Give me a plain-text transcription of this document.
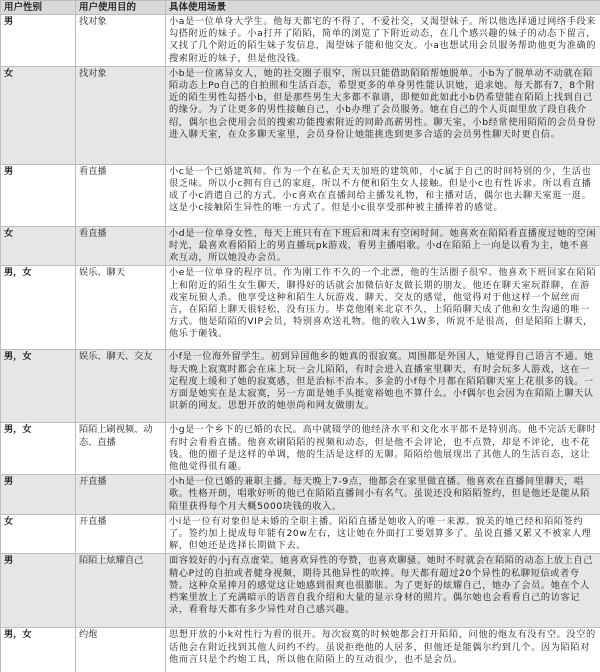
用户性别	用户使用目的	具体使用场景
男	找对象	小a是一位单身大学生。他每天都宅的不得了，不爱社交，又渴望妹子。所以他选择通过网络手段来勾搭附近的妹子。小a打开了陌陌，简单的浏览了下附近动态，在几个感兴趣的妹子的动态下留言，又找了几个附近的陌生妹子发信息，渴望妹子能和他交友。小a也想试用会员服务帮助他更为准确的搜索附近的妹子，但是他没钱。
女	找对象	小b是一位离异女人，她的社交圈子很窄，所以只能借助陌陌帮她脱单。小b为了脱单动不动就在陌陌动态上Po自己的自拍照和生活百态，希望更多的单身男性能认识她，追求她。每天都有7，8个附近的陌生男性勾搭小b，但是那些男生大多都不靠谱，即便如此如此小b仍希望能在陌陌上找到自己的缘分。为了让更多的男性接触自己，小b办理了会员服务。她在自己的个人页面里放了段自我介绍，偶尔也会使用会员的搜索功能搜索附近的同龄高薪男性。聊天室，小b经常使用陌陌的会员身份进入聊天室，在众多聊天室里，会员身份让她能挑选到更多合适的会员男性聊天时更自信。
男	看直播	小c是一个已婚建筑师。作为一个在私企天天加班的建筑师，小c属于自己的时间特别的少，生活也很乏味。所以小c拥有自己的家庭，所以不方便和陌生女人接触。但是小c也有性诉求。所以看直播成了小c消遣自己的方式。小c喜欢在直播间给主播发礼物，和主播对话，偶尔也去聊天室逛一逛。这是小c接触陌生异性的唯一方式了。但是小c很享受那种被主播捧着的感觉。
女	看直播	小d是一位单身女性，每天上班只有在下班后和周末有空闲时间。她喜欢在陌陌看直播度过她的空闲时光，最喜欢看陌陌上的男直播玩pk游戏，看男主播唱歌。小d在陌陌上一向是以看为主，她不喜欢互动，所以她没办会员。
男，女	娱乐、聊天	小e是一位单身的程序员。作为刚工作不久的一个北漂，他的生活圈子很窄。他喜欢下班回家在陌陌上和附近的陌生女生聊天，聊得好的话就会加微信好友做长期的朋友。他还在聊天室玩群聊，在游戏室玩狼人杀。他享受这种和陌生人玩游戏、聊天、交友的感觉，他觉得对于他这样一个屌丝而言，在陌陌上聊天很轻松，没有压力。毕竟他刚来北京不久，上陌陌聊天成了他和女生沟通的唯一方式。他是陌陌的VIP会员，特别喜欢送礼物。他的收入1W多，所说不是很高，但是陌陌上聊天，他乐于砸钱。
男，女	娱乐、聊天、交友	小f是一位海外留学生。初到异国他乡的她真的很寂寞。周围都是外国人，她觉得自己语言不通。她每天晚上寂寞时都会在床上玩一会儿陌陌，有时会进入直播室里聊天，有时会玩多人游戏，这在一定程度上缓和了她的寂寞感，但是治标不治本。多金的小f每个月都在陌陌聊天室上花很多的钱。一方面是她实在是太寂寞，另一方面是她手头挺宽裕她也不算什么。小f偶尔也会因为在陌陌上聊天认识新的网友。思想开放的她崇尚和网友做朋友。
男，女	陌陌上刷视频、动态、直播	小g是一个乡下的已婚的农民。高中就辍学的他经济水平和文化水平都不是特别高。他不完活无聊时有时会看看直播。他喜欢刷陌陌的视频和动态，但是他不会评论，也不点赞，却是不评论，也不花钱。他的圈子是这样的单调，他的生活是这样的无聊。陌陌给他展现出了其他人的生活百态，这让他他觉得很有趣。
男	开直播	小h是一位已婚的兼职主播。每天晚上7-9点，他都会在家里做直播。他喜欢在直播间里聊天，唱歌。性格开朗，唱歌好听的他已在陌陌直播间小有名气。虽说还没和陌陌签约，但是他还是能从陌陌里获得每个月大概5000块钱的收入。
女	开直播	小i是一位有对象但是未婚的全职主播。陌陌直播是她收入的唯一来源。貌美的她已经和陌陌签约了。签约加上提成每年能有20w左右，这让她在外面打工要划算多了。虽说直播又累又不被家人理解，但她还是选择长期做下去。
男	陌陌上炫耀自己	面容姣好的小j有点虚荣。她喜欢异性的夸赞，也喜欢聊骚。她时不时就会在陌陌的动态上放上自己精心P过的自拍或者健身视频，期待其他异性的吹捧。每天都有超过20个异性的私聊短信或者夸赞。这种众星捧月的感觉这让她感到很爽也很膨胀。为了更好的炫耀自己，她办了会员。她在个人档案里放上了充满暗示的语音自我介绍和大量的显示身材的照片。偶尔她也会看看自己的访客记录，看看每天都有多少异性对自己感兴趣。
男，女	约炮	思想开放的小k对性行为看的很开。每次寂寞的时候她都会打开陌陌，问他的炮友有没有空。没空的话他会在附近找到其他人问约不约。虽说拒绝他的人居多，但他还是能偶尔约到几个。因为陌陌对他而言只是个约炮工具，所以他在陌陌上的互动很少，也不是会员。
